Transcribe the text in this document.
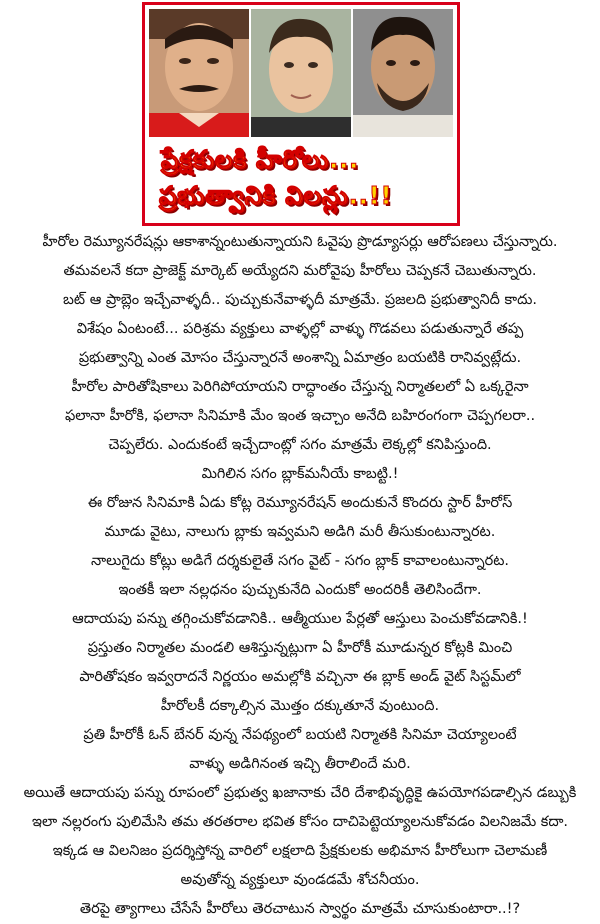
ప్రేక్షకులకి హీరోలు...
ప్రభుత్వానికి విలన్లు..!!
హీరోల రెమ్యూనరేషన్లు ఆకాశాన్నంటుతున్నాయని ఓవైపు ప్రొడ్యూసర్లు ఆరోపణలు చేస్తున్నారు.
తమవలనే కదా ప్రాజెక్ట్ మార్కెట్ అయ్యేదని మరోవైపు హీరోలు చెప్పకనే చెబుతున్నారు.
బట్ ఆ ప్రాబ్లెం ఇచ్చేవాళ్ళదీ.. పుచ్చుకునేవాళ్ళదీ మాత్రమే. ప్రజలది ప్రభుత్వానిదీ కాదు.
విశేషం ఏంటంటే... పరిశ్రమ వ్యక్తులు వాళ్ళల్లో వాళ్ళు గొడవలు పడుతున్నారే తప్ప
ప్రభుత్వాన్ని ఎంత మోసం చేస్తున్నారనే అంశాన్ని ఏమాత్రం బయటికి రానివ్వట్లేదు.
హీరోల పారితోషికాలు పెరిగిపోయాయని రాద్ధాంతం చేస్తున్న నిర్మాతలలో ఏ ఒక్కరైనా
ఫలానా హీరోకి, ఫలానా సినిమాకి మేం ఇంత ఇచ్చాం అనేది బహిరంగంగా చెప్పగలరా..
చెప్పలేరు. ఎందుకంటే ఇచ్చేదాంట్లో సగం మాత్రమే లెక్కల్లో కనిపిస్తుంది.
మిగిలిన సగం బ్లాక్‌మనీయే కాబట్టి.!
ఈ రోజున సినిమాకి ఏడు కోట్ల రెమ్యూనరేషన్ అందుకునే కొందరు స్టార్ హీరోస్
మూడు వైటు, నాలుగు బ్లాకు ఇవ్వమని అడిగి మరీ తీసుకుంటున్నారట.
నాలుగైదు కోట్లు అడిగే దర్శకులైతే సగం వైట్ - సగం బ్లాక్ కావాలంటున్నారట.
ఇంతకీ ఇలా నల్లధనం పుచ్చుకునేది ఎందుకో అందరికీ తెలిసిందేగా.
ఆదాయపు పన్ను తగ్గించుకోవడానికి.. ఆత్మీయుల పేర్లతో ఆస్తులు పెంచుకోవడానికి.!
ప్రస్తుతం నిర్మాతల మండలి ఆశిస్తున్నట్లుగా ఏ హీరోకీ మూడున్నర కోట్లకి మించి
పారితోషకం ఇవ్వరాదనే నిర్ణయం అమల్లోకి వచ్చినా ఈ బ్లాక్ అండ్ వైట్ సిస్టమ్‌లో
హీరోలకీ దక్కాల్సిన మొత్తం దక్కుతూనే వుంటుంది.
ప్రతి హీరోకీ ఓన్ బేనర్ వున్న నేపథ్యంలో బయటి నిర్మాతకి సినిమా చెయ్యాలంటే
వాళ్ళు అడిగినంత ఇచ్చి తీరాలిందే మరి.
అయితే ఆదాయపు పన్ను రూపంలో ప్రభుత్వ ఖజానాకు చేరి దేశాభివృద్ధికై ఉపయోగపడాల్సిన డబ్బుకి
ఇలా నల్లరంగు పులిమేసి తమ తరతరాల భవిత కోసం దాచిపెట్టెయ్యాలనుకోవడం విలనిజమే కదా.
ఇక్కడ ఆ విలనిజం ప్రదర్శిస్తోన్న వారిలో లక్షలాది ప్రేక్షకులకు అభిమాన హీరోలుగా చెలామణీ
అవుతోన్న వ్యక్తులూ వుండడమే శోచనీయం.
తెరపై త్యాగాలు చేసేసే హీరోలు తెరచాటున స్వార్థం మాత్రమే చూసుకుంటారా..!?
